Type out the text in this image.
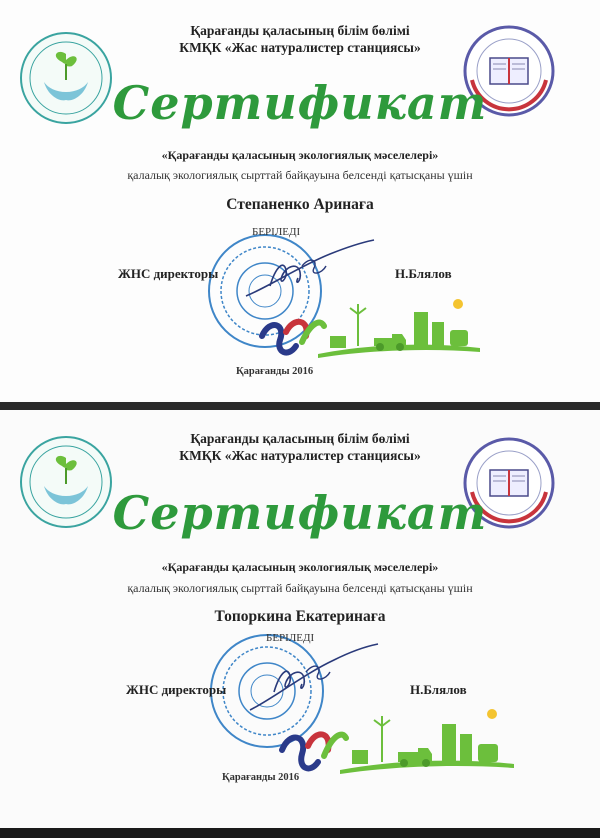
Қарағанды қаласының білім бөлімі
КМҚК «Жас натуралистер станциясы»
Сертификат
«Қарағанды қаласының экологиялық мәселелері»
қалалық экологиялық сырттай байқауына белсенді қатысқаны үшін
Степаненко Аринаға
БЕРІЛЕДІ
ЖНС директоры	Н.Блялов
Қарағанды 2016
Қарағанды қаласының білім бөлімі
КМҚК «Жас натуралистер станциясы»
Сертификат
«Қарағанды қаласының экологиялық мәселелері»
қалалық экологиялық сырттай байқауына белсенді қатысқаны үшін
Топоркина Екатеринаға
БЕРІЛЕДІ
ЖНС директоры	Н.Блялов
Қарағанды 2016
